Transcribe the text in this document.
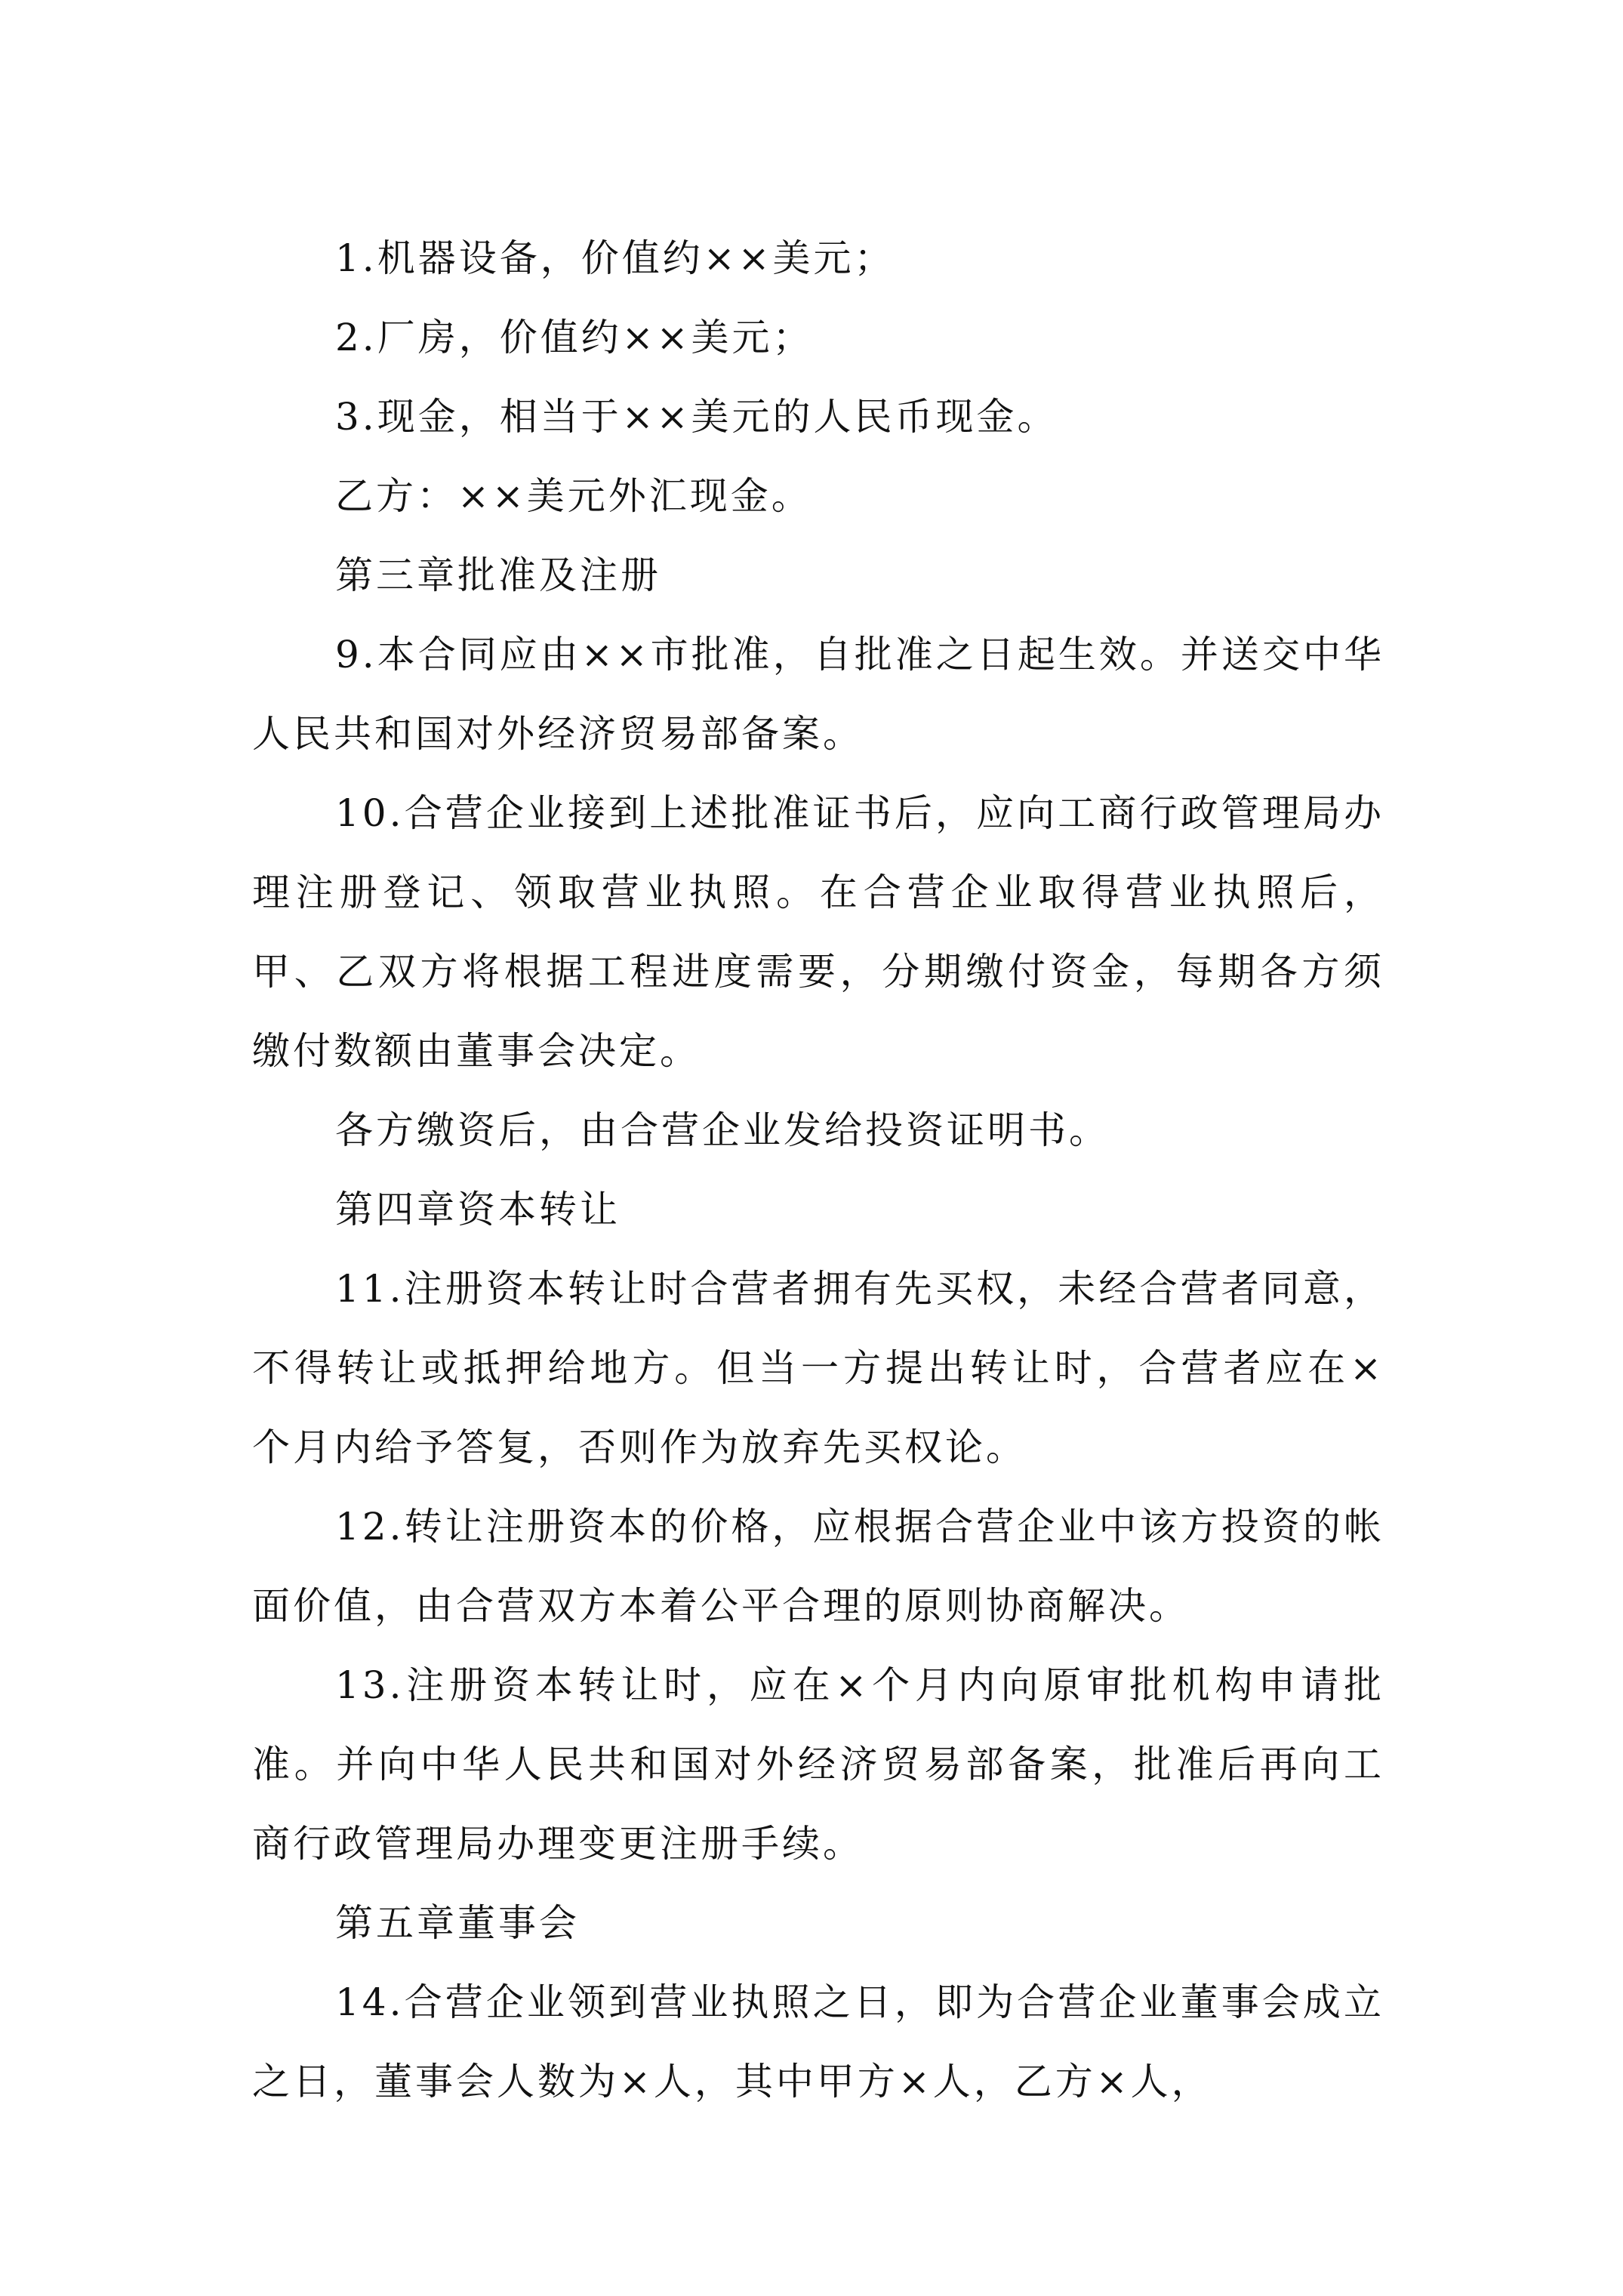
1.机器设备，价值约××美元；

2.厂房，价值约××美元；

3.现金，相当于××美元的人民币现金。

乙方：××美元外汇现金。

第三章批准及注册

9.本合同应由××市批准，自批准之日起生效。并送交中华人民共和国对外经济贸易部备案。

10.合营企业接到上述批准证书后，应向工商行政管理局办理注册登记、领取营业执照。在合营企业取得营业执照后，甲、乙双方将根据工程进度需要，分期缴付资金，每期各方须缴付数额由董事会决定。

各方缴资后，由合营企业发给投资证明书。

第四章资本转让

11.注册资本转让时合营者拥有先买权，未经合营者同意，不得转让或抵押给地方。但当一方提出转让时，合营者应在×个月内给予答复，否则作为放弃先买权论。

12.转让注册资本的价格，应根据合营企业中该方投资的帐面价值，由合营双方本着公平合理的原则协商解决。

13.注册资本转让时，应在×个月内向原审批机构申请批准。并向中华人民共和国对外经济贸易部备案，批准后再向工商行政管理局办理变更注册手续。

第五章董事会

14.合营企业领到营业执照之日，即为合营企业董事会成立之日，董事会人数为×人，其中甲方×人，乙方×人，
